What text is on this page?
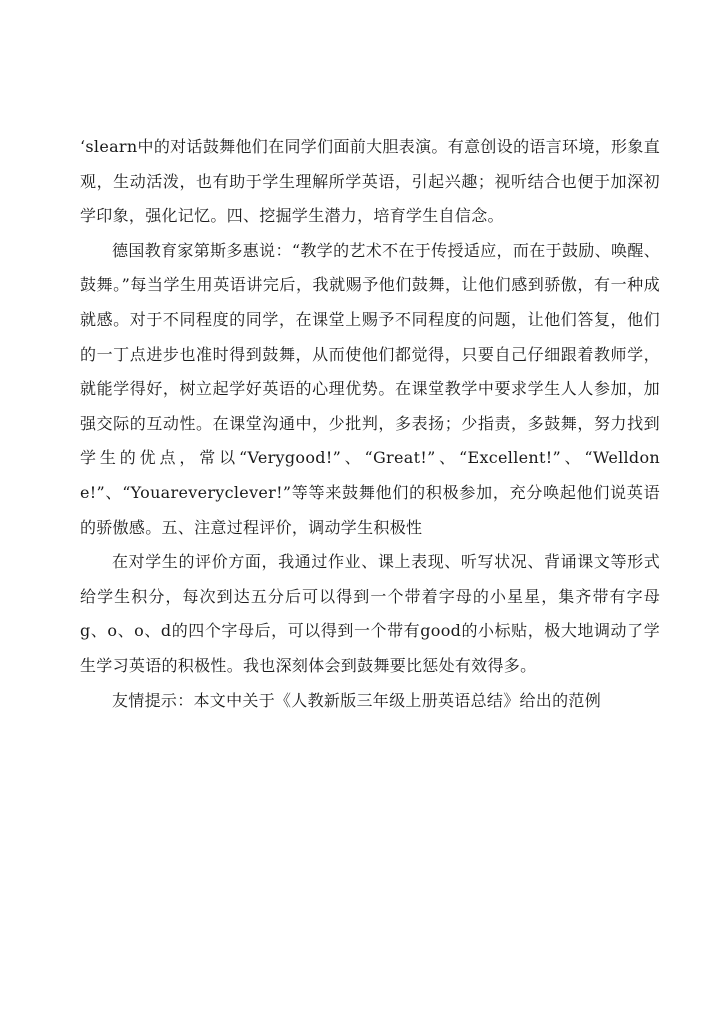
‘slearn中的对话鼓舞他们在同学们面前大胆表演。有意创设的语言环境，形象直观，生动活泼，也有助于学生理解所学英语，引起兴趣；视听结合也便于加深初学印象，强化记忆。四、挖掘学生潜力，培育学生自信念。

德国教育家第斯多惠说：“教学的艺术不在于传授适应，而在于鼓励、唤醒、鼓舞。”每当学生用英语讲完后，我就赐予他们鼓舞，让他们感到骄傲，有一种成就感。对于不同程度的同学，在课堂上赐予不同程度的问题，让他们答复，他们的一丁点进步也准时得到鼓舞，从而使他们都觉得，只要自己仔细跟着教师学，就能学得好，树立起学好英语的心理优势。在课堂教学中要求学生人人参加，加强交际的互动性。在课堂沟通中，少批判，多表扬；少指责，多鼓舞，努力找到学生的优点，常以“Verygood!”、“Great!”、“Excellent!”、“Welldone!”、“Youareveryclever!”等等来鼓舞他们的积极参加，充分唤起他们说英语的骄傲感。五、注意过程评价，调动学生积极性

在对学生的评价方面，我通过作业、课上表现、听写状况、背诵课文等形式给学生积分，每次到达五分后可以得到一个带着字母的小星星，集齐带有字母g、o、o、d的四个字母后，可以得到一个带有good的小标贴，极大地调动了学生学习英语的积极性。我也深刻体会到鼓舞要比惩处有效得多。

友情提示：本文中关于《人教新版三年级上册英语总结》给出的范例
